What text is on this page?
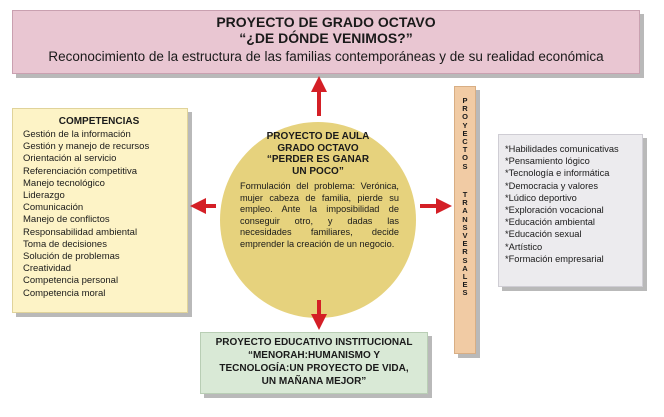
PROYECTO DE GRADO OCTAVO
“¿DE DÓNDE VENIMOS?”
Reconocimiento de la estructura de las familias contemporáneas y de su realidad económica
COMPETENCIAS
Gestión de la información
Gestión y manejo de recursos
Orientación al servicio
Referenciación competitiva
Manejo tecnológico
Liderazgo
Comunicación
Manejo de conflictos
Responsabilidad ambiental
Toma de decisiones
Solución de problemas
Creatividad
Competencia personal
Competencia moral
PROYECTO DE AULA
GRADO OCTAVO
“PERDER ES GANAR
UN POCO”
Formulación del problema: Verónica, mujer cabeza de familia, pierde su empleo. Ante la imposibilidad de conseguir otro, y dadas las necesidades familiares, decide emprender la creación de un negocio.
P
R
O
Y
E
C
T
O
S
T
R
A
N
S
V
E
R
S
A
L
E
S
*Habilidades comunicativas
*Pensamiento lógico
*Tecnología e informática
*Democracia y valores
*Lúdico deportivo
*Exploración vocacional
*Educación ambiental
*Educación sexual
*Artístico
*Formación empresarial
PROYECTO EDUCATIVO INSTITUCIONAL
“MENORAH:HUMANISMO Y
TECNOLOGÍA:UN PROYECTO DE VIDA,
UN MAÑANA MEJOR”
